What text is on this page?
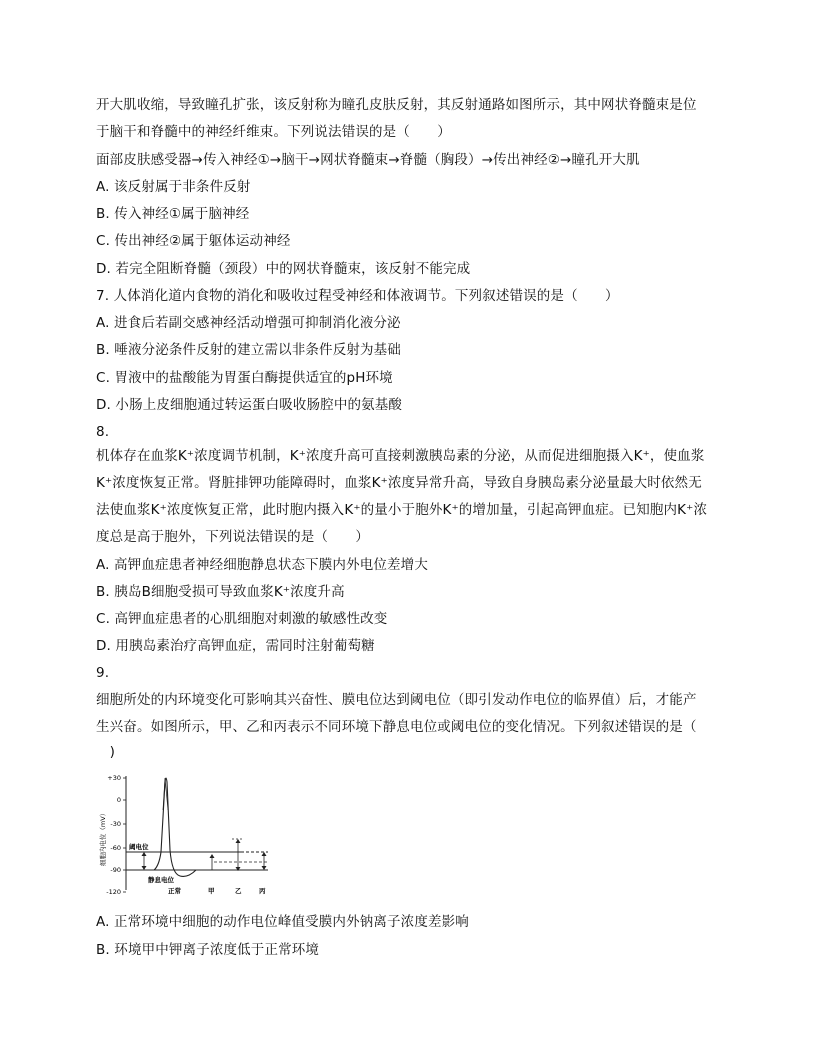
开大肌收缩，导致瞳孔扩张，该反射称为瞳孔皮肤反射，其反射通路如图所示，其中网状脊髓束是位
于脑干和脊髓中的神经纤维束。下列说法错误的是（　　）
面部皮肤感受器→传入神经①→脑干→网状脊髓束→脊髓（胸段）→传出神经②→瞳孔开大肌
A. 该反射属于非条件反射
B. 传入神经①属于脑神经
C. 传出神经②属于躯体运动神经
D. 若完全阻断脊髓（颈段）中的网状脊髓束，该反射不能完成
7. 人体消化道内食物的消化和吸收过程受神经和体液调节。下列叙述错误的是（　　）
A. 进食后若副交感神经活动增强可抑制消化液分泌
B. 唾液分泌条件反射的建立需以非条件反射为基础
C. 胃液中的盐酸能为胃蛋白酶提供适宜的pH环境
D. 小肠上皮细胞通过转运蛋白吸收肠腔中的氨基酸
8.
机体存在血浆K⁺浓度调节机制，K⁺浓度升高可直接刺激胰岛素的分泌，从而促进细胞摄入K⁺，使血浆
K⁺浓度恢复正常。肾脏排钾功能障碍时，血浆K⁺浓度异常升高，导致自身胰岛素分泌量最大时依然无
法使血浆K⁺浓度恢复正常，此时胞内摄入K⁺的量小于胞外K⁺的增加量，引起高钾血症。已知胞内K⁺浓
度总是高于胞外，下列说法错误的是（　　）
A. 高钾血症患者神经细胞静息状态下膜内外电位差增大
B. 胰岛B细胞受损可导致血浆K⁺浓度升高
C. 高钾血症患者的心肌细胞对刺激的敏感性改变
D. 用胰岛素治疗高钾血症，需同时注射葡萄糖
9.
细胞所处的内环境变化可影响其兴奋性、膜电位达到阈电位（即引发动作电位的临界值）后，才能产
生兴奋。如图所示，甲、乙和丙表示不同环境下静息电位或阈电位的变化情况。下列叙述错误的是（
　)
+30
0
-30
-60
-90
-120
细胞内电位（mV）	阈电位
静息电位
正常	甲	乙	丙
A. 正常环境中细胞的动作电位峰值受膜内外钠离子浓度差影响
B. 环境甲中钾离子浓度低于正常环境
